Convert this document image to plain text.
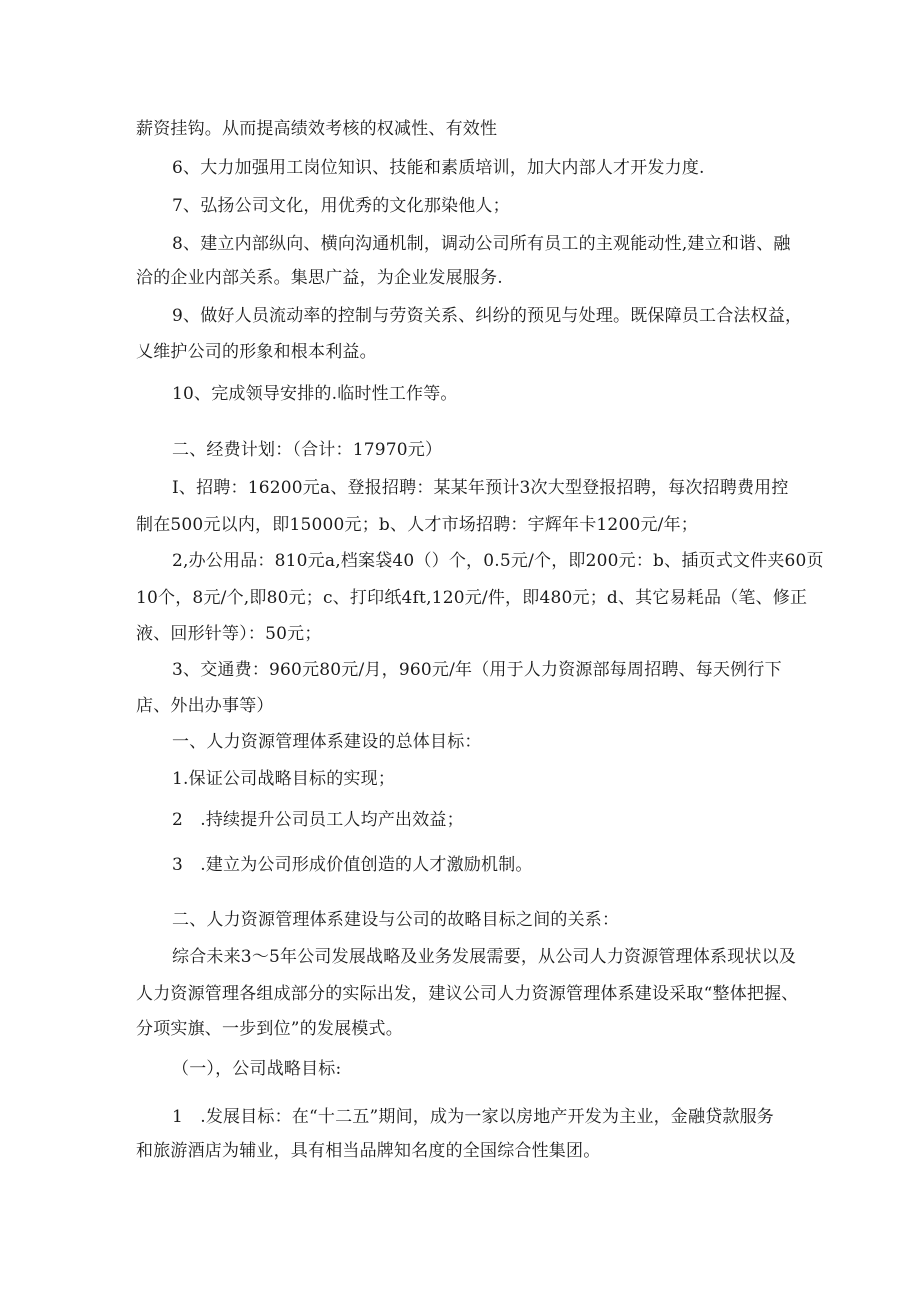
薪资挂钩。从而提高绩效考核的权减性、有效性
6、大力加强用工岗位知识、技能和素质培训，加大内部人才开发力度.
7、弘扬公司文化，用优秀的文化那染他人；
8、建立内部纵向、横向沟通机制，调动公司所有员工的主观能动性,建立和谐、融
洽的企业内部关系。集思广益，为企业发展服务.
9、做好人员流动率的控制与劳资关系、纠纷的预见与处理。既保障员工合法权益，
乂维护公司的形象和根本利益。
10、完成领导安排的.临时性工作等。
二、经费计划：（合计：17970元）
I、招聘：16200元a、登报招聘：某某年预计3次大型登报招聘，每次招聘费用控
制在500元以内，即15000元；b、人才市场招聘：宇辉年卡1200元/年；
2,办公用品：810元a,档案袋40（）个，0.5元/个，即200元：b、插页式文件夹60页
10个，8元/个,即80元；c、打印纸4ft,120元/件，即480元；d、其它易耗品（笔、修正
液、回形针等）：50元；
3、交通费：960元80元/月，960元/年（用于人力资源部每周招聘、每天例行下
店、外出办事等）
一、人力资源管理体系建设的总体目标：
1.保证公司战略目标的实现；
2　.持续提升公司员工人均产出效益；
3　.建立为公司形成价值创造的人才激励机制。
二、人力资源管理体系建设与公司的故略目标之间的关系：
综合未来3〜5年公司发展战略及业务发展需要，从公司人力资源管理体系现状以及
人力资源管理各组成部分的实际出发，建议公司人力资源管理体系建设采取“整体把握、
分项实旗、一步到位”的发展模式。
（一），公司战略目标:
1　.发展目标：在“十二五”期间，成为一家以房地产开发为主业，金融贷款服务
和旅游酒店为辅业，具有相当品牌知名度的全国综合性集团。
